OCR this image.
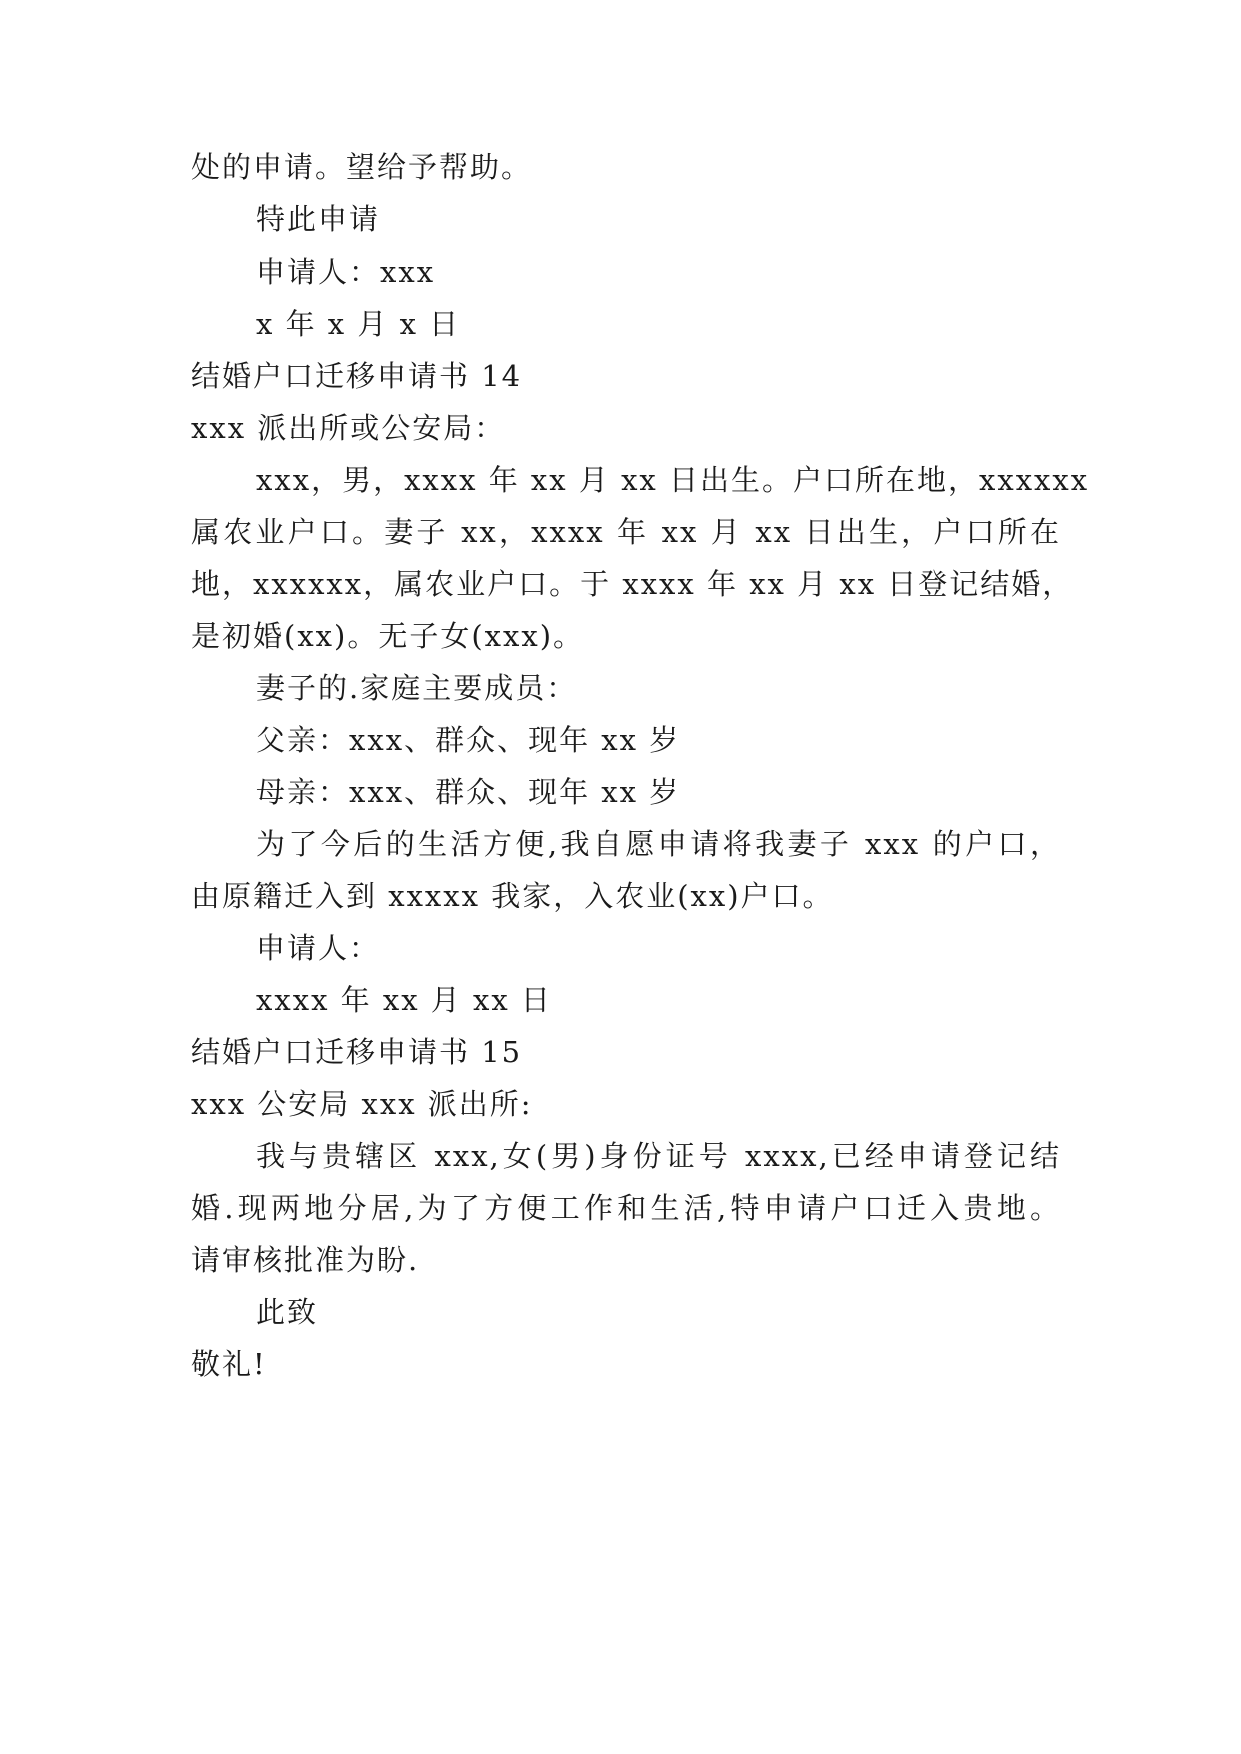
处的申请。望给予帮助。
特此申请
申请人：xxx
x 年 x 月 x 日
结婚户口迁移申请书 14
xxx 派出所或公安局：
xxx，男，xxxx 年 xx 月 xx 日出生。户口所在地，xxxxxx
属农业户口。妻子 xx，xxxx 年 xx 月 xx 日出生，户口所在
地，xxxxxx，属农业户口。于 xxxx 年 xx 月 xx 日登记结婚，
是初婚(xx)。无子女(xxx)。
妻子的.家庭主要成员：
父亲：xxx、群众、现年 xx 岁
母亲：xxx、群众、现年 xx 岁
为了今后的生活方便,我自愿申请将我妻子 xxx 的户口，
由原籍迁入到 xxxxx 我家，入农业(xx)户口。
申请人：
xxxx 年 xx 月 xx 日
结婚户口迁移申请书 15
xxx 公安局 xxx 派出所:
我与贵辖区 xxx,女(男)身份证号 xxxx,已经申请登记结
婚.现两地分居,为了方便工作和生活,特申请户口迁入贵地。
请审核批准为盼.
此致
敬礼!
